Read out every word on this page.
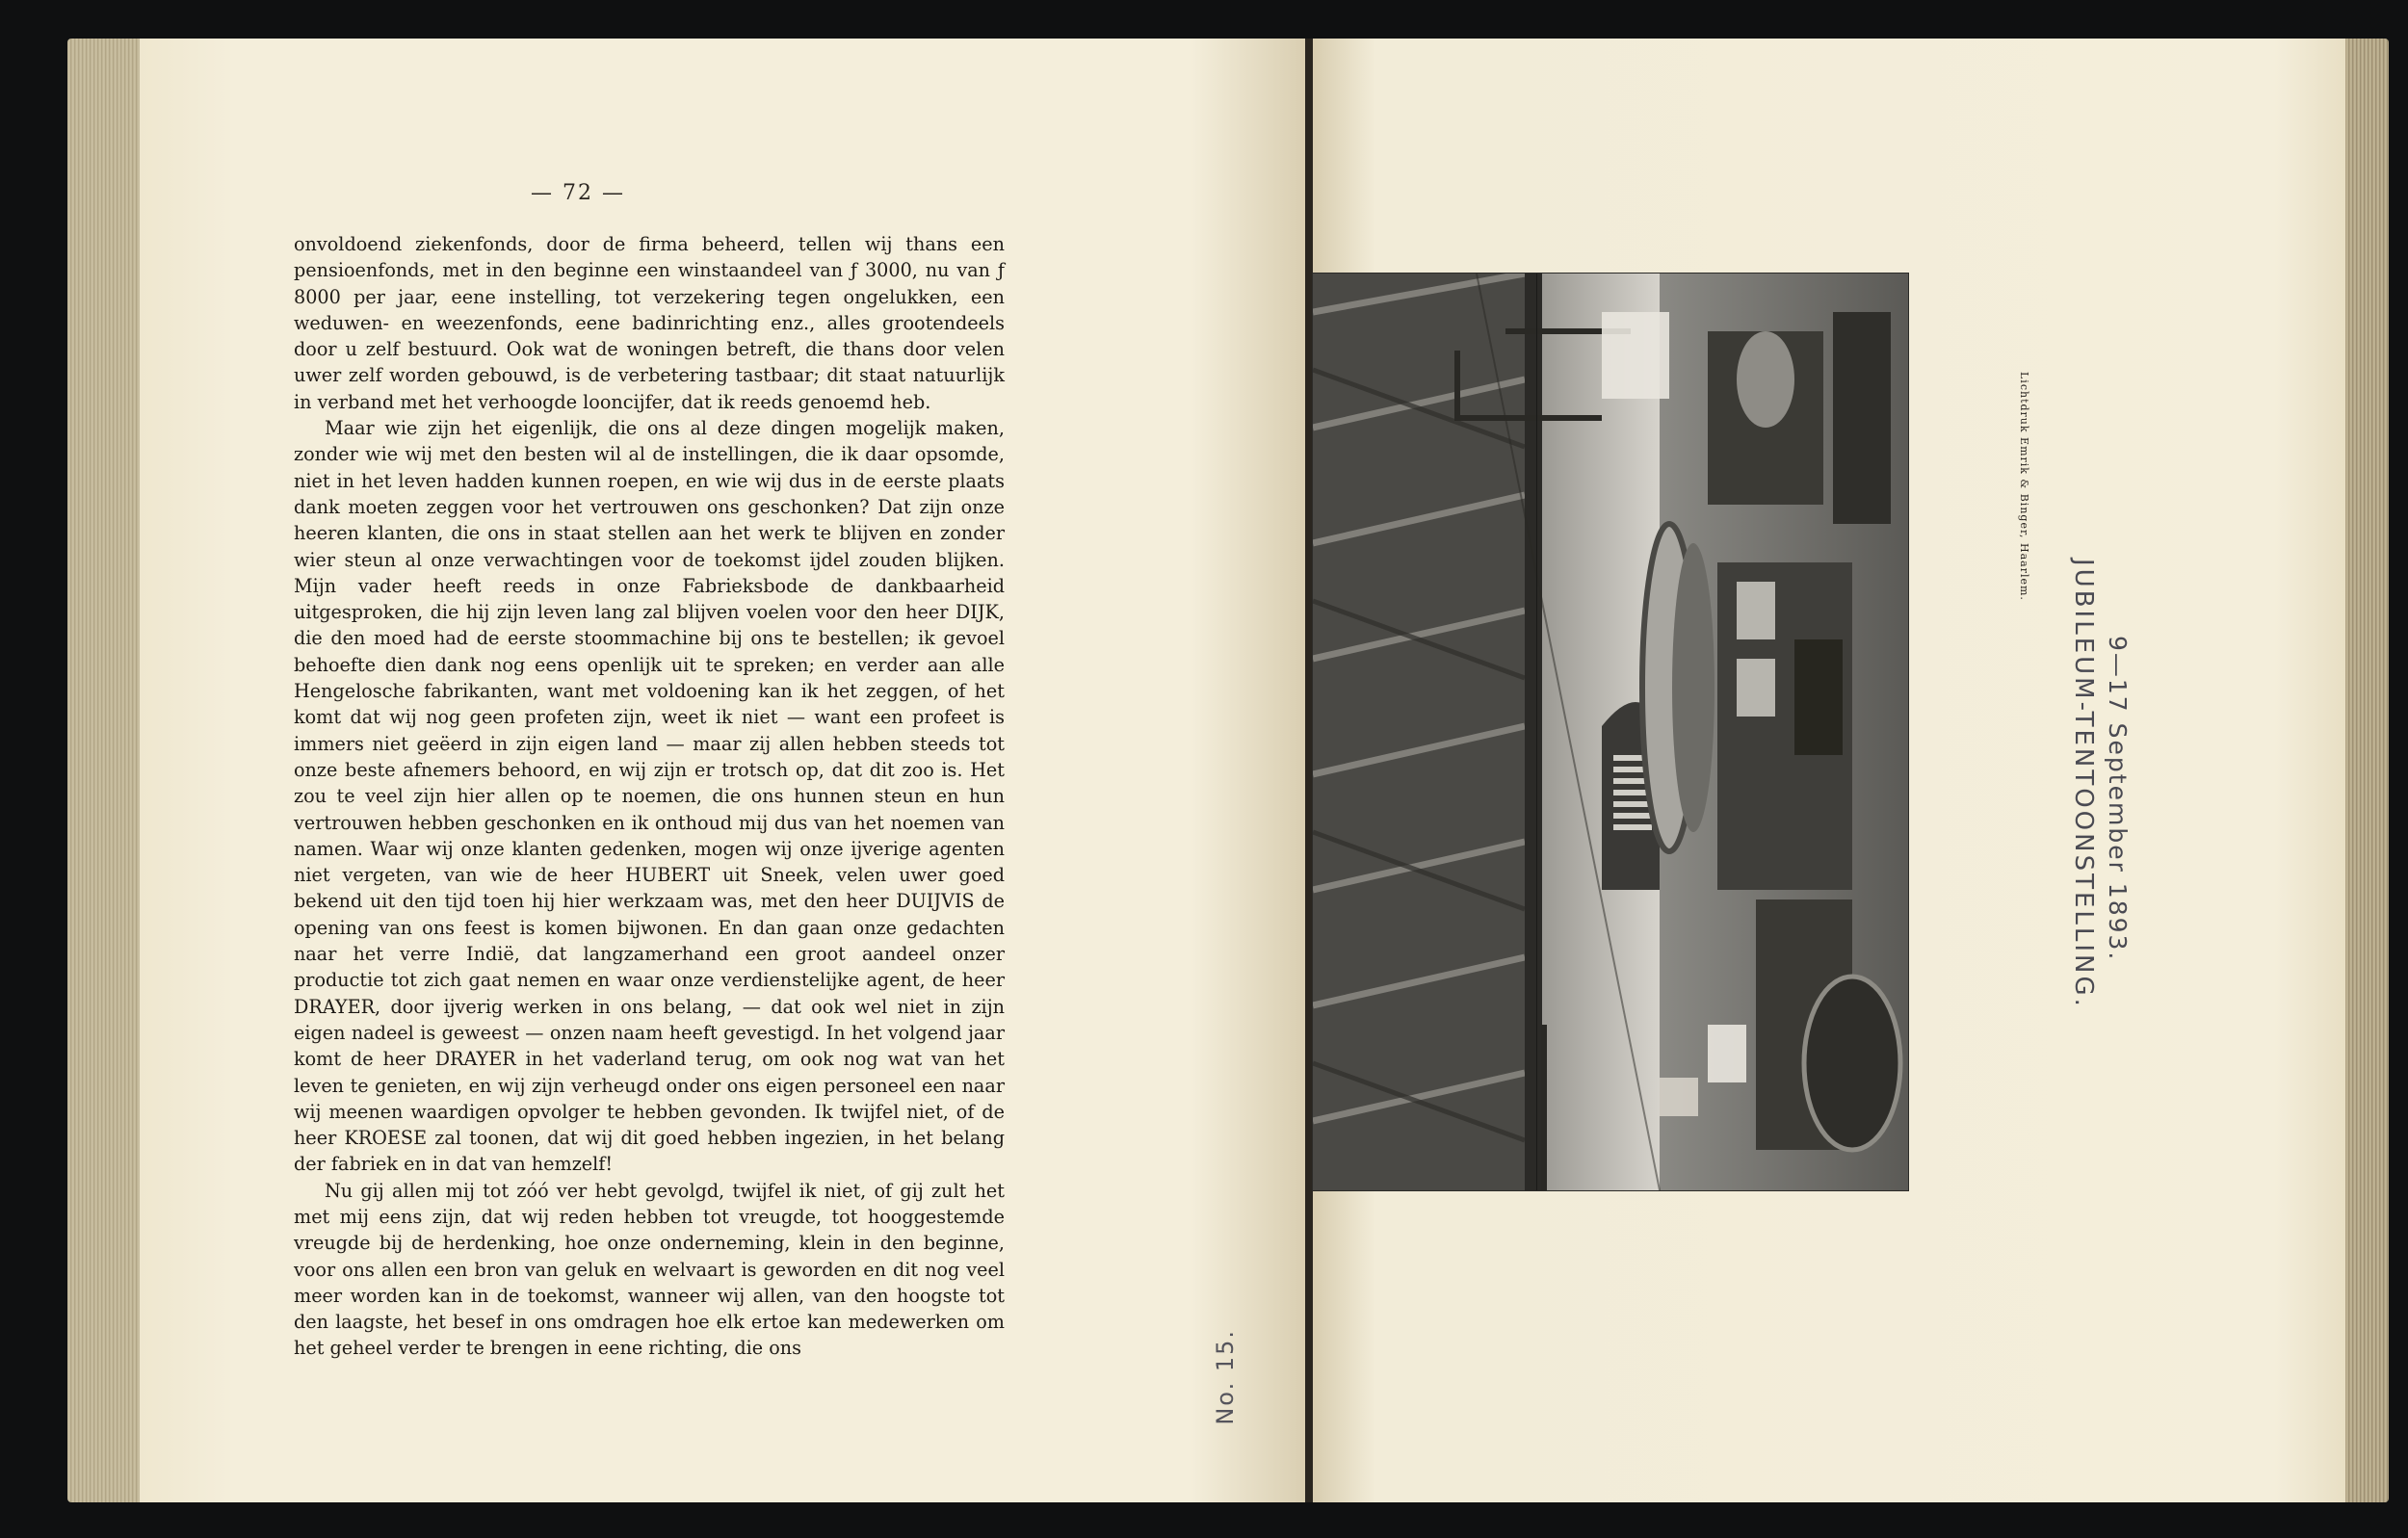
— 72 —

onvoldoend ziekenfonds, door de firma beheerd, tellen wij thans een pensioenfonds, met in den beginne een winstaandeel van ƒ 3000, nu van ƒ 8000 per jaar, eene instelling, tot verzekering tegen ongelukken, een weduwen- en weezenfonds, eene badinrichting enz., alles grootendeels door u zelf bestuurd. Ook wat de woningen betreft, die thans door velen uwer zelf worden gebouwd, is de verbetering tastbaar; dit staat natuurlijk in verband met het verhoogde looncijfer, dat ik reeds genoemd heb.

Maar wie zijn het eigenlijk, die ons al deze dingen mogelijk maken, zonder wie wij met den besten wil al de instellingen, die ik daar opsomde, niet in het leven hadden kunnen roepen, en wie wij dus in de eerste plaats dank moeten zeggen voor het vertrouwen ons geschonken? Dat zijn onze heeren klanten, die ons in staat stellen aan het werk te blijven en zonder wier steun al onze verwachtingen voor de toekomst ijdel zouden blijken. Mijn vader heeft reeds in onze Fabrieksbode de dankbaarheid uitgesproken, die hij zijn leven lang zal blijven voelen voor den heer DIJK, die den moed had de eerste stoommachine bij ons te bestellen; ik gevoel behoefte dien dank nog eens openlijk uit te spreken; en verder aan alle Hengelosche fabrikanten, want met voldoening kan ik het zeggen, of het komt dat wij nog geen profeten zijn, weet ik niet — want een profeet is immers niet geëerd in zijn eigen land — maar zij allen hebben steeds tot onze beste afnemers behoord, en wij zijn er trotsch op, dat dit zoo is. Het zou te veel zijn hier allen op te noemen, die ons hunnen steun en hun vertrouwen hebben geschonken en ik onthoud mij dus van het noemen van namen. Waar wij onze klanten gedenken, mogen wij onze ijverige agenten niet vergeten, van wie de heer HUBERT uit Sneek, velen uwer goed bekend uit den tijd toen hij hier werkzaam was, met den heer DUIJVIS de opening van ons feest is komen bijwonen. En dan gaan onze gedachten naar het verre Indië, dat langzamerhand een groot aandeel onzer productie tot zich gaat nemen en waar onze verdienstelijke agent, de heer DRAYER, door ijverig werken in ons belang, — dat ook wel niet in zijn eigen nadeel is geweest — onzen naam heeft gevestigd. In het volgend jaar komt de heer DRAYER in het vaderland terug, om ook nog wat van het leven te genieten, en wij zijn verheugd onder ons eigen personeel een naar wij meenen waardigen opvolger te hebben gevonden. Ik twijfel niet, of de heer KROESE zal toonen, dat wij dit goed hebben ingezien, in het belang der fabriek en in dat van hemzelf!

Nu gij allen mij tot zóó ver hebt gevolgd, twijfel ik niet, of gij zult het met mij eens zijn, dat wij reden hebben tot vreugde, tot hooggestemde vreugde bij de herdenking, hoe onze onderneming, klein in den beginne, voor ons allen een bron van geluk en welvaart is geworden en dit nog veel meer worden kan in de toekomst, wanneer wij allen, van den hoogste tot den laagste, het besef in ons omdragen hoe elk ertoe kan medewerken om het geheel verder te brengen in eene richting, die ons

Lichtdruk Emrik & Binger, Haarlem.
JUBILEUM-TENTOONSTELLING. 9—17 September 1893.
No. 15.
